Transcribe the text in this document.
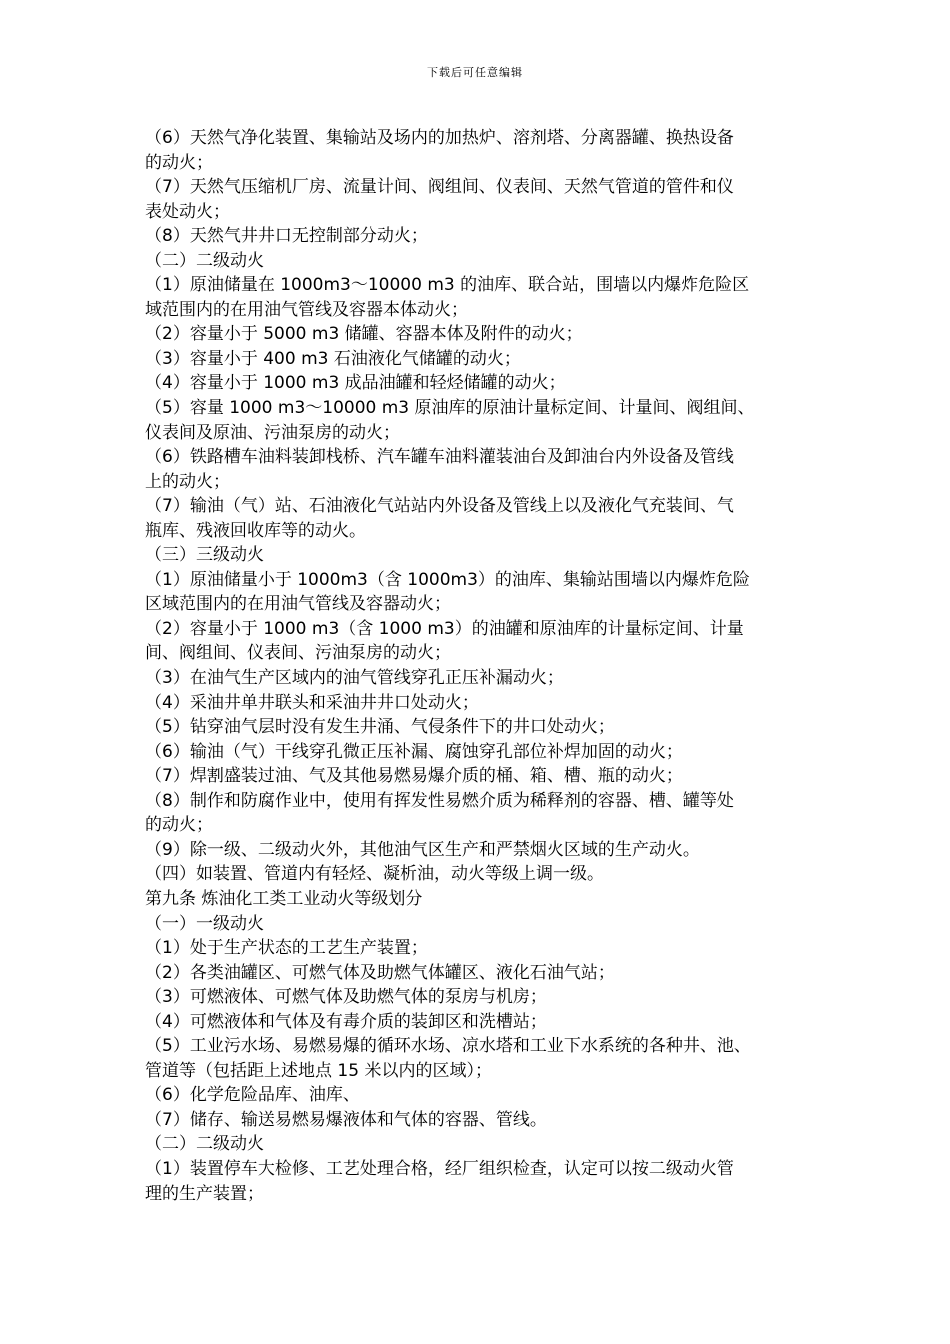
下载后可任意编辑
（6）天然气净化装置、集输站及场内的加热炉、溶剂塔、分离器罐、换热设备
的动火；
（7）天然气压缩机厂房、流量计间、阀组间、仪表间、天然气管道的管件和仪
表处动火；
（8）天然气井井口无控制部分动火；
（二）二级动火
（1）原油储量在 1000m3～10000 m3 的油库、联合站，围墙以内爆炸危险区
域范围内的在用油气管线及容器本体动火；
（2）容量小于 5000 m3 储罐、容器本体及附件的动火；
（3）容量小于 400 m3 石油液化气储罐的动火；
（4）容量小于 1000 m3 成品油罐和轻烃储罐的动火；
（5）容量 1000 m3～10000 m3 原油库的原油计量标定间、计量间、阀组间、
仪表间及原油、污油泵房的动火；
（6）铁路槽车油料装卸栈桥、汽车罐车油料灌装油台及卸油台内外设备及管线
上的动火；
（7）输油（气）站、石油液化气站站内外设备及管线上以及液化气充装间、气
瓶库、残液回收库等的动火。
（三）三级动火
（1）原油储量小于 1000m3（含 1000m3）的油库、集输站围墙以内爆炸危险
区域范围内的在用油气管线及容器动火；
（2）容量小于 1000 m3（含 1000 m3）的油罐和原油库的计量标定间、计量
间、阀组间、仪表间、污油泵房的动火；
（3）在油气生产区域内的油气管线穿孔正压补漏动火；
（4）采油井单井联头和采油井井口处动火；
（5）钻穿油气层时没有发生井涌、气侵条件下的井口处动火；
（6）输油（气）干线穿孔微正压补漏、腐蚀穿孔部位补焊加固的动火；
（7）焊割盛装过油、气及其他易燃易爆介质的桶、箱、槽、瓶的动火；
（8）制作和防腐作业中，使用有挥发性易燃介质为稀释剂的容器、槽、罐等处
的动火；
（9）除一级、二级动火外，其他油气区生产和严禁烟火区域的生产动火。
（四）如装置、管道内有轻烃、凝析油，动火等级上调一级。
第九条 炼油化工类工业动火等级划分
（一）一级动火
（1）处于生产状态的工艺生产装置；
（2）各类油罐区、可燃气体及助燃气体罐区、液化石油气站；
（3）可燃液体、可燃气体及助燃气体的泵房与机房；
（4）可燃液体和气体及有毒介质的装卸区和洗槽站；
（5）工业污水场、易燃易爆的循环水场、凉水塔和工业下水系统的各种井、池、
管道等（包括距上述地点 15 米以内的区域）；
（6）化学危险品库、油库、
（7）储存、输送易燃易爆液体和气体的容器、管线。
（二）二级动火
（1）装置停车大检修、工艺处理合格，经厂组织检查，认定可以按二级动火管
理的生产装置；
